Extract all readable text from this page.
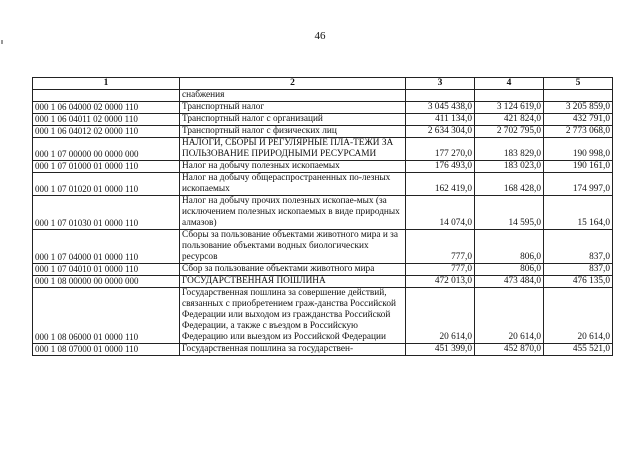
46
1	2	3	4	5
	снабжения			
000 1 06 04000 02 0000 110	Транспортный налог	3 045 438,0	3 124 619,0	3 205 859,0
000 1 06 04011 02 0000 110	Транспортный налог с организаций	411 134,0	421 824,0	432 791,0
000 1 06 04012 02 0000 110	Транспортный налог с физических лиц	2 634 304,0	2 702 795,0	2 773 068,0
000 1 07 00000 00 0000 000	НАЛОГИ, СБОРЫ И РЕГУЛЯРНЫЕ ПЛА-ТЕЖИ ЗА ПОЛЬЗОВАНИЕ ПРИРОДНЫМИ РЕСУРСАМИ	177 270,0	183 829,0	190 998,0
000 1 07 01000 01 0000 110	Налог на добычу полезных ископаемых	176 493,0	183 023,0	190 161,0
000 1 07 01020 01 0000 110	Налог на добычу общераспространенных по-лезных ископаемых	162 419,0	168 428,0	174 997,0
000 1 07 01030 01 0000 110	Налог на добычу прочих полезных ископае-мых (за исключением полезных ископаемых в виде природных алмазов)	14 074,0	14 595,0	15 164,0
000 1 07 04000 01 0000 110	Сборы за пользование объектами животного мира и за пользование объектами водных биологических ресурсов	777,0	806,0	837,0
000 1 07 04010 01 0000 110	Сбор за пользование объектами животного мира	777,0	806,0	837,0
000 1 08 00000 00 0000 000	ГОСУДАРСТВЕННАЯ ПОШЛИНА	472 013,0	473 484,0	476 135,0
000 1 08 06000 01 0000 110	Государственная пошлина за совершение действий, связанных с приобретением граж-данства Российской Федерации или выходом из гражданства Российской Федерации, а также с въездом в Российскую Федерацию или выездом из Российской Федерации	20 614,0	20 614,0	20 614,0
000 1 08 07000 01 0000 110	Государственная пошлина за государствен-	451 399,0	452 870,0	455 521,0
